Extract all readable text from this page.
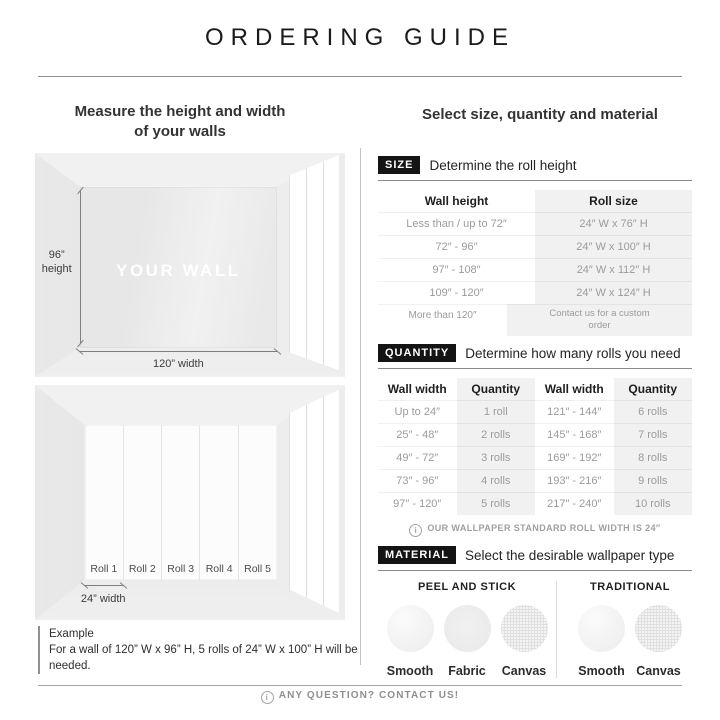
ORDERING GUIDE
Measure the height and width
of your walls
Select size, quantity and material
YOUR WALL
96”
height
120” width
Roll 1	Roll 2	Roll 3	Roll 4	Roll 5
24” width
Example
For a wall of 120” W x 96” H, 5 rolls of 24” W x 100” H will be needed.
SIZE	Determine the roll height
Wall height	Roll size
Less than / up to 72″	24″ W x 76″ H
72″ - 96″	24″ W x 100″ H
97″ - 108″	24″ W x 112″ H
109″ - 120″	24″ W x 124″ H
More than 120″	Contact us for a custom order
QUANTITY	Determine how many rolls you need
Wall width	Quantity	Wall width	Quantity
Up to 24″	1 roll	121″ - 144″	6 rolls
25″ - 48″	2 rolls	145″ - 168″	7 rolls
49″ - 72″	3 rolls	169″ - 192″	8 rolls
73″ - 96″	4 rolls	193″ - 216″	9 rolls
97″ - 120″	5 rolls	217″ - 240″	10 rolls
i OUR WALLPAPER STANDARD ROLL WIDTH IS 24″
MATERIAL	Select the desirable wallpaper type
PEEL AND STICK
Smooth Fabric Canvas
TRADITIONAL
Smooth Canvas
i ANY QUESTION? CONTACT US!
